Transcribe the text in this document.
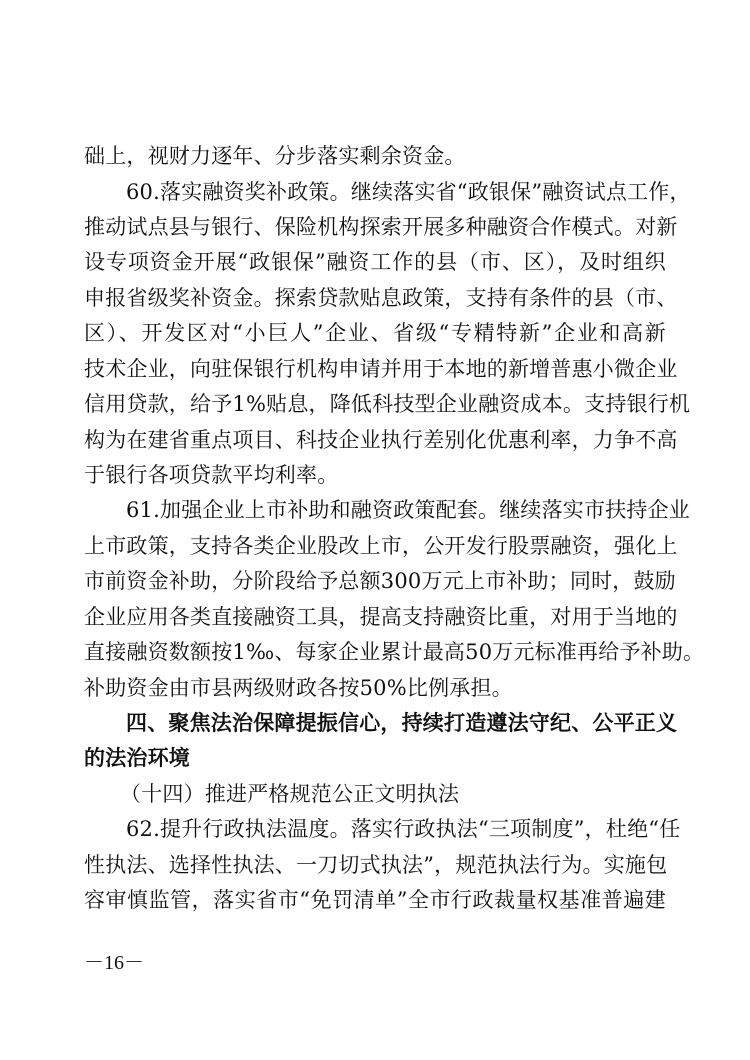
础上，视财力逐年、分步落实剩余资金。
60.落实融资奖补政策。继续落实省“政银保”融资试点工作，
推动试点县与银行、保险机构探索开展多种融资合作模式。对新
设专项资金开展“政银保”融资工作的县（市、区），及时组织
申报省级奖补资金。探索贷款贴息政策，支持有条件的县（市、
区）、开发区对“小巨人”企业、省级“专精特新”企业和高新
技术企业，向驻保银行机构申请并用于本地的新增普惠小微企业
信用贷款，给予1%贴息，降低科技型企业融资成本。支持银行机
构为在建省重点项目、科技企业执行差别化优惠利率，力争不高
于银行各项贷款平均利率。
61.加强企业上市补助和融资政策配套。继续落实市扶持企业
上市政策，支持各类企业股改上市，公开发行股票融资，强化上
市前资金补助，分阶段给予总额300万元上市补助；同时，鼓励
企业应用各类直接融资工具，提高支持融资比重，对用于当地的
直接融资数额按1‰、每家企业累计最高50万元标准再给予补助。
补助资金由市县两级财政各按50%比例承担。
四、聚焦法治保障提振信心，持续打造遵法守纪、公平正义
的法治环境
（十四）推进严格规范公正文明执法
62.提升行政执法温度。落实行政执法“三项制度”，杜绝“任
性执法、选择性执法、一刀切式执法”，规范执法行为。实施包
容审慎监管，落实省市“免罚清单”全市行政裁量权基准普遍建
－16－
